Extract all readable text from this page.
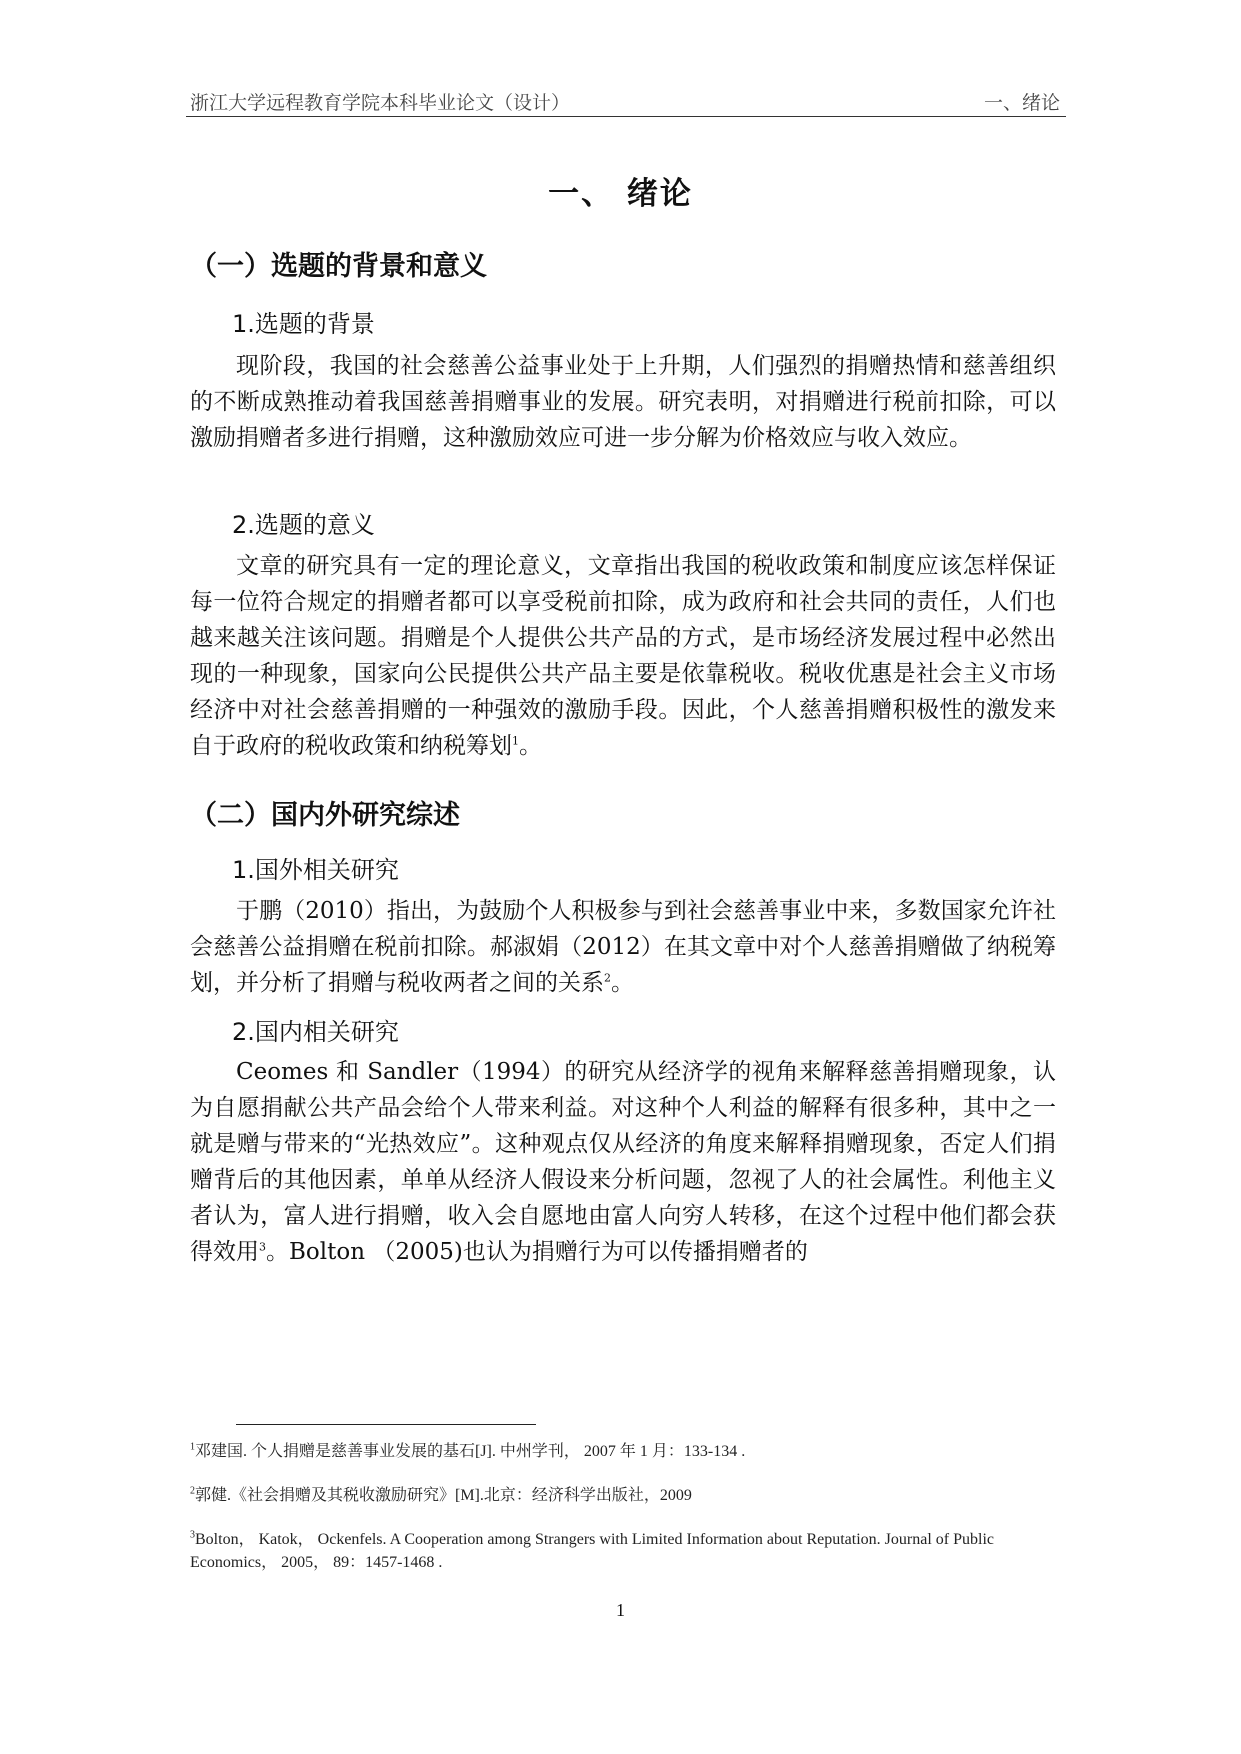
浙江大学远程教育学院本科毕业论文（设计）	一、绪论
一、 绪论
（一）选题的背景和意义
1.选题的背景

现阶段，我国的社会慈善公益事业处于上升期，人们强烈的捐赠热情和慈善组织的不断成熟推动着我国慈善捐赠事业的发展。研究表明，对捐赠进行税前扣除，可以激励捐赠者多进行捐赠，这种激励效应可进一步分解为价格效应与收入效应。

2.选题的意义

文章的研究具有一定的理论意义，文章指出我国的税收政策和制度应该怎样保证每一位符合规定的捐赠者都可以享受税前扣除，成为政府和社会共同的责任，人们也越来越关注该问题。捐赠是个人提供公共产品的方式，是市场经济发展过程中必然出现的一种现象，国家向公民提供公共产品主要是依靠税收。税收优惠是社会主义市场经济中对社会慈善捐赠的一种强效的激励手段。因此，个人慈善捐赠积极性的激发来自于政府的税收政策和纳税筹划$^1$。

（二）国内外研究综述
1.国外相关研究

于鹏（2010）指出，为鼓励个人积极参与到社会慈善事业中来，多数国家允许社会慈善公益捐赠在税前扣除。郝淑娟（2012）在其文章中对个人慈善捐赠做了纳税筹划，并分析了捐赠与税收两者之间的关系$^2$。

2.国内相关研究

Ceomes 和 Sandler（1994）的研究从经济学的视角来解释慈善捐赠现象，认为自愿捐献公共产品会给个人带来利益。对这种个人利益的解释有很多种，其中之一就是赠与带来的“光热效应”。这种观点仅从经济的角度来解释捐赠现象，否定人们捐赠背后的其他因素，单单从经济人假设来分析问题，忽视了人的社会属性。利他主义者认为，富人进行捐赠，收入会自愿地由富人向穷人转移，在这个过程中他们都会获得效用$^3$。Bolton （2005)也认为捐赠行为可以传播捐赠者的

$^1$邓建国. 个人捐赠是慈善事业发展的基石[J]. 中州学刊， 2007 年 1 月：133-134 .

$^2$郭健.《社会捐赠及其税收激励研究》[M].北京：经济科学出版社，2009

$^3$Bolton， Katok， Ockenfels. A Cooperation among Strangers with Limited Information about Reputation. Journal of Public Economics， 2005， 89：1457-1468 .

1
